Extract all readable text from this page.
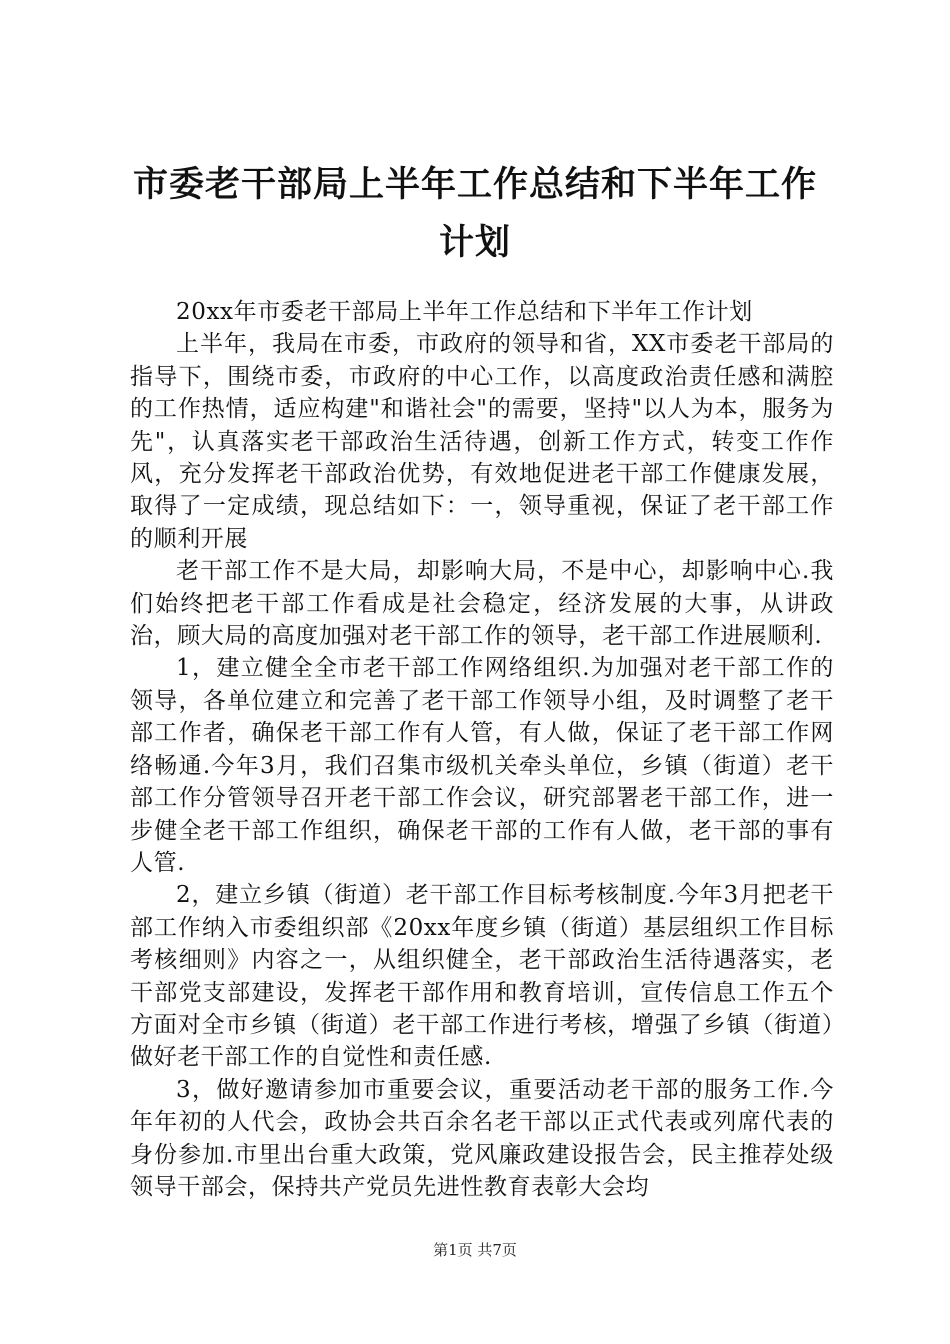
市委老干部局上半年工作总结和下半年工作计划

20xx年市委老干部局上半年工作总结和下半年工作计划

上半年，我局在市委，市政府的领导和省，XX市委老干部局的指导下，围绕市委，市政府的中心工作，以高度政治责任感和满腔的工作热情，适应构建"和谐社会"的需要，坚持"以人为本，服务为先"，认真落实老干部政治生活待遇，创新工作方式，转变工作作风，充分发挥老干部政治优势，有效地促进老干部工作健康发展，取得了一定成绩，现总结如下：一，领导重视，保证了老干部工作的顺利开展

老干部工作不是大局，却影响大局，不是中心，却影响中心.我们始终把老干部工作看成是社会稳定，经济发展的大事，从讲政治，顾大局的高度加强对老干部工作的领导，老干部工作进展顺利.

1，建立健全全市老干部工作网络组织.为加强对老干部工作的领导，各单位建立和完善了老干部工作领导小组，及时调整了老干部工作者，确保老干部工作有人管，有人做，保证了老干部工作网络畅通.今年3月，我们召集市级机关牵头单位，乡镇（街道）老干部工作分管领导召开老干部工作会议，研究部署老干部工作，进一步健全老干部工作组织，确保老干部的工作有人做，老干部的事有人管.

2，建立乡镇（街道）老干部工作目标考核制度.今年3月把老干部工作纳入市委组织部《20xx年度乡镇（街道）基层组织工作目标考核细则》内容之一，从组织健全，老干部政治生活待遇落实，老干部党支部建设，发挥老干部作用和教育培训，宣传信息工作五个方面对全市乡镇（街道）老干部工作进行考核，增强了乡镇（街道）做好老干部工作的自觉性和责任感.

3，做好邀请参加市重要会议，重要活动老干部的服务工作.今年年初的人代会，政协会共百余名老干部以正式代表或列席代表的身份参加.市里出台重大政策，党风廉政建设报告会，民主推荐处级领导干部会，保持共产党员先进性教育表彰大会均

第1页 共7页
